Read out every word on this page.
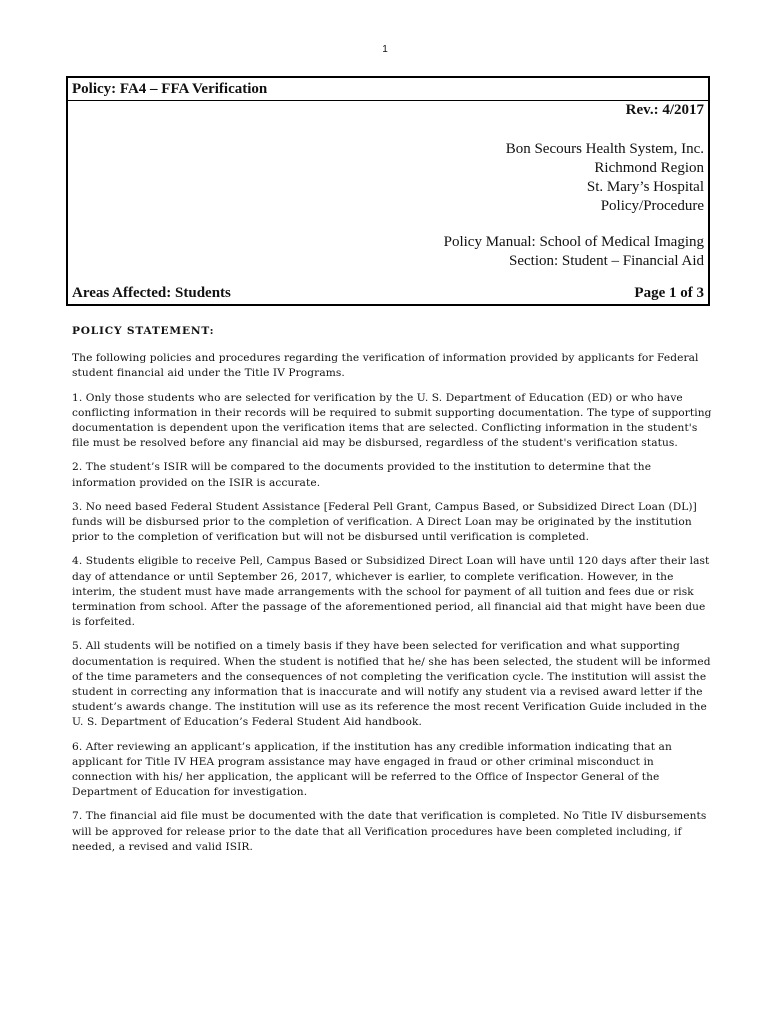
1
Policy: FA4 – FFA Verification
Rev.: 4/2017
Bon Secours Health System, Inc.
Richmond Region
St. Mary’s Hospital
Policy/Procedure
Policy Manual: School of Medical Imaging
Section: Student – Financial Aid
Areas Affected: Students	Page 1 of 3

POLICY STATEMENT:

The following policies and procedures regarding the verification of information provided by applicants for Federal student financial aid under the Title IV Programs.

1. Only those students who are selected for verification by the U. S. Department of Education (ED) or who have conflicting information in their records will be required to submit supporting documentation. The type of supporting documentation is dependent upon the verification items that are selected. Conflicting information in the student's file must be resolved before any financial aid may be disbursed, regardless of the student's verification status.

2. The student’s ISIR will be compared to the documents provided to the institution to determine that the information provided on the ISIR is accurate.

3. No need based Federal Student Assistance [Federal Pell Grant, Campus Based, or Subsidized Direct Loan (DL)] funds will be disbursed prior to the completion of verification. A Direct Loan may be originated by the institution prior to the completion of verification but will not be disbursed until verification is completed.

4. Students eligible to receive Pell, Campus Based or Subsidized Direct Loan will have until 120 days after their last day of attendance or until September 26, 2017, whichever is earlier, to complete verification. However, in the interim, the student must have made arrangements with the school for payment of all tuition and fees due or risk termination from school. After the passage of the aforementioned period, all financial aid that might have been due is forfeited.

5. All students will be notified on a timely basis if they have been selected for verification and what supporting documentation is required. When the student is notified that he/ she has been selected, the student will be informed of the time parameters and the consequences of not completing the verification cycle. The institution will assist the student in correcting any information that is inaccurate and will notify any student via a revised award letter if the student’s awards change. The institution will use as its reference the most recent Verification Guide included in the U. S. Department of Education’s Federal Student Aid handbook.

6. After reviewing an applicant’s application, if the institution has any credible information indicating that an applicant for Title IV HEA program assistance may have engaged in fraud or other criminal misconduct in connection with his/ her application, the applicant will be referred to the Office of Inspector General of the Department of Education for investigation.

7. The financial aid file must be documented with the date that verification is completed. No Title IV disbursements will be approved for release prior to the date that all Verification procedures have been completed including, if needed, a revised and valid ISIR.
